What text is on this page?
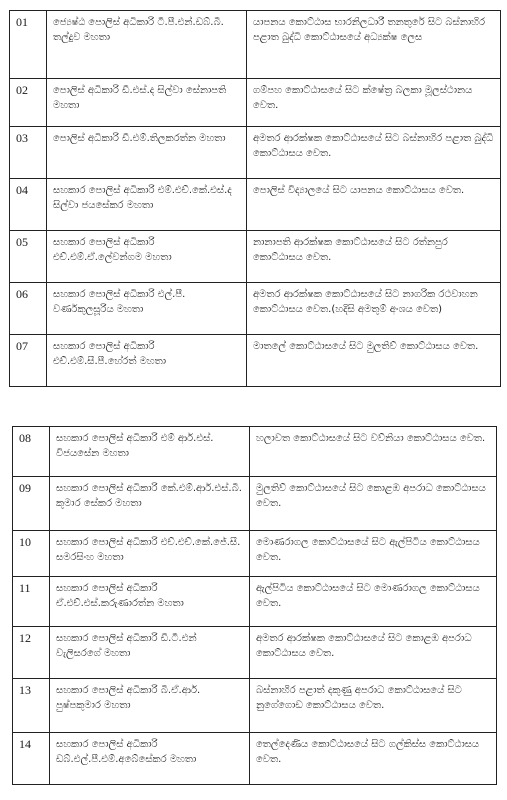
01	ජ්‍යෙෂ්ඨ පොලිස් අධිකාරි ටී.පී.එන්.ඩබ්.බී. තල්දුව මහතා	යාපනය කොට්ඨාස භාරනිලධාරී තනතුරේ සිට බස්නාහිර පළාත බුද්ධි කොට්ඨාසයේ අධ්‍යක්ෂ ලෙස
02	පොලිස් අධිකාරි ඩී.එස්.ද සිල්වා සේනාපති මහතා	ගම්පහ කොට්ඨාසයේ සිට ක්ෂේත්‍ර බලකා මූලස්ථානය වෙත.
03	පොලිස් අධිකාරි ඩී.එම්.තිලකරත්න මහතා	අමතර ආරක්ෂක කොට්ඨාසයේ සිට බස්නාහිර පළාත බුද්ධි කොට්ඨාසය වෙත.
04	සහකාර පොලිස් අධිකාරි එම්.එච්.කේ.එස්.ද සිල්වා ජයසේකර මහතා	පොලිස් විද්‍යාලයේ සිට යාපනය කොට්ඨාසය වෙත.
05	සහකාර පොලිස් අධිකාරි එච්.එම්.ඒ.ලේවන්ගම මහතා	නානාපති ආරක්ෂක කොට්ඨාසයේ සිට රත්නපුර කොට්ඨාසය වෙත.
06	සහකාර පොලිස් අධිකාරි එල්.පී. වර්ණකුලසූරිය මහතා	අමතර ආරක්ෂක කොට්ඨාසයේ සිට නාගරික රථවාහන කොට්ඨාසය වෙත.(හදිසි අමතුම් අංශය වෙත)
07	සහකාර පොලිස් අධිකාරි එච්.එම්.සී.පී.හේරත් මහතා	මාතලේ කොට්ඨාසයේ සිට මුලතිව් කොට්ඨාසය වෙත.
08	සහකාර පොලිස් අධිකාරි එම් ආර්.එස්. විජයසේන මහතා	හලාවත කොට්ඨාසයේ සිට වව්නියා කොට්ඨාසය වෙත.
09	සහකාර පොලිස් අධිකාරි කේ.එම්.ආර්.එස්.බී. කුමාර සේකර මහතා	මුලතිව් කොට්ඨාසයේ සිට කොළඹ අපරාධ කොට්ඨාසය වෙත.
10	සහකාර පොලිස් අධිකාරි එච්.එච්.කේ.ජේ.සී. සමරසිංහ මහතා	මොණරාගල කොට්ඨාසයේ සිට ඇල්පිටිය කොට්ඨාසය වෙත.
11	සහකාර පොලිස් අධිකාරි ඒ.එච්.එස්.කරුණාරත්න මහතා	ඇල්පිටිය කොට්ඨාසයේ සිට මොණරාගල කොට්ඨාසය වෙත.
12	සහකාර පොලිස් අධිකාරි ඩී.ටී.එන් වැලිසරගේ මහතා	අමතර ආරක්ෂක කොට්ඨාසයේ සිට කොළඹ අපරාධ කොට්ඨාසය වෙත.
13	සහකාර පොලිස් අධිකාරි බී.ඒ.ආර්. පුෂ්පකුමාර මහතා	බස්නාහිර පළාත් දකුණු අපරාධ කොට්ඨාසයේ සිට නුගේගොඩ කොට්ඨාසය වෙත.
14	සහකාර පොලිස් අධිකාරි ඩබ්.එල්.පී.එම්.අබේසේකර මහතා	තෙල්දෙණිය කොට්ඨාසයේ සිට ගල්කිස්ස කොට්ඨාසය වෙත.
